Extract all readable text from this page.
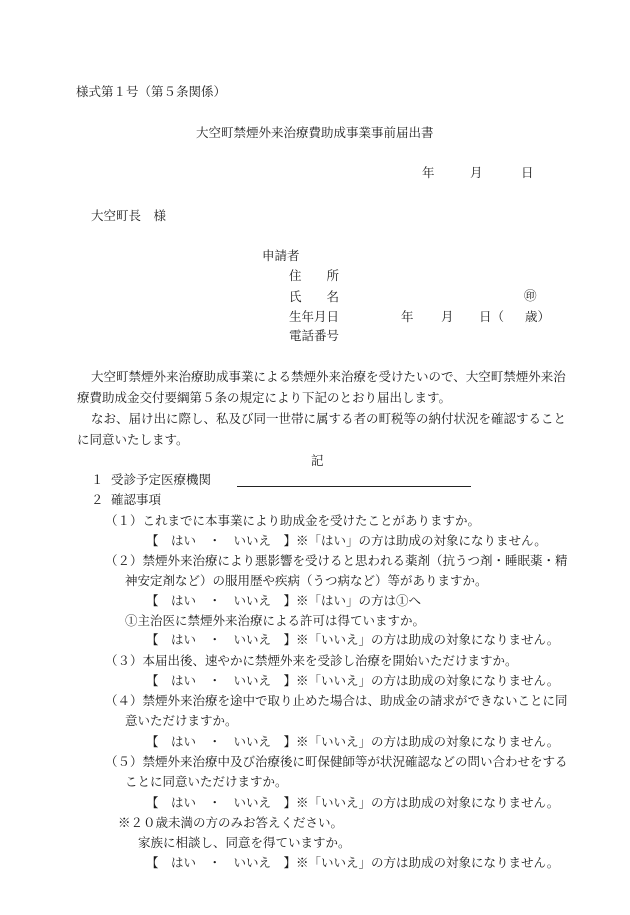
様式第１号（第５条関係）
大空町禁煙外来治療費助成事業事前届出書
年	月	日
大空町長　様
申請者
住　　所
氏　　名	㊞
生年月日	年 月 日（ 歳）
電話番号
大空町禁煙外来治療助成事業による禁煙外来治療を受けたいので、大空町禁煙外来治
療費助成金交付要綱第５条の規定により下記のとおり届出します。
なお、届け出に際し、私及び同一世帯に属する者の町税等の納付状況を確認すること
に同意いたします。
記
１ 受診予定医療機関
２ 確認事項
（１）これまでに本事業により助成金を受けたことがありますか。
【　はい　・　いいえ　】※「はい」の方は助成の対象になりません。
（２）禁煙外来治療により悪影響を受けると思われる薬剤（抗うつ剤・睡眠薬・精
神安定剤など）の服用歴や疾病（うつ病など）等がありますか。
【　はい　・　いいえ　】※「はい」の方は①へ
①主治医に禁煙外来治療による許可は得ていますか。
【　はい　・　いいえ　】※「いいえ」の方は助成の対象になりません。
（３）本届出後、速やかに禁煙外来を受診し治療を開始いただけますか。
【　はい　・　いいえ　】※「いいえ」の方は助成の対象になりません。
（４）禁煙外来治療を途中で取り止めた場合は、助成金の請求ができないことに同
意いただけますか。
【　はい　・　いいえ　】※「いいえ」の方は助成の対象になりません。
（５）禁煙外来治療中及び治療後に町保健師等が状況確認などの問い合わせをする
ことに同意いただけますか。
【　はい　・　いいえ　】※「いいえ」の方は助成の対象になりません。
※２０歳未満の方のみお答えください。
家族に相談し、同意を得ていますか。
【　はい　・　いいえ　】※「いいえ」の方は助成の対象になりません。
